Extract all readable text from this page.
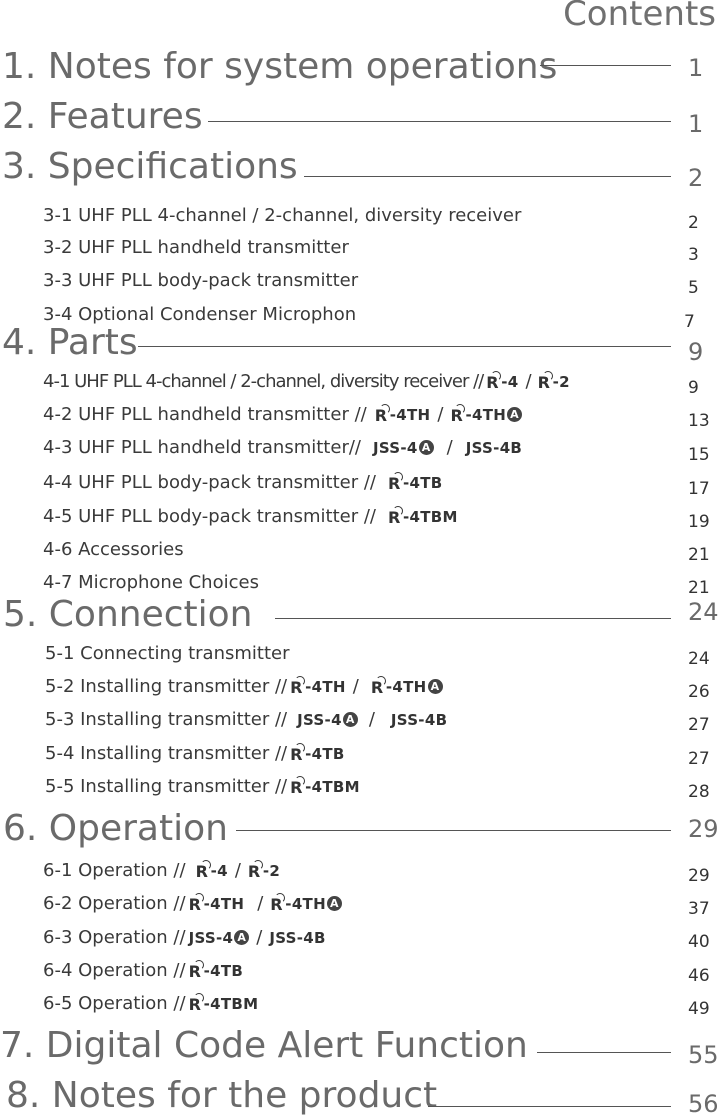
Contents
1. Notes for system operations	1
2. Features	1
3. Specifications	2
3-1 UHF PLL 4-channel / 2-channel, diversity receiver	2
3-2 UHF PLL handheld transmitter	3
3-3 UHF PLL body-pack transmitter	5
3-4 Optional Condenser Microphon	7
4. Parts	9
4-1 UHF PLL 4-channel / 2-channel, diversity receiver // R -4 / R -2	9
4-2 UHF PLL handheld transmitter // R -4TH / R -4TH A	13
4-3 UHF PLL handheld transmitter// JSS-4 A / JSS-4B	15
4-4 UHF PLL body-pack transmitter // R -4TB	17
4-5 UHF PLL body-pack transmitter // R -4TBM	19
4-6 Accessories	21
4-7 Microphone Choices	21
5. Connection	24
5-1 Connecting transmitter	24
5-2 Installing transmitter // R -4TH / R -4TH A	26
5-3 Installing transmitter // JSS-4 A / JSS-4B	27
5-4 Installing transmitter // R -4TB	27
5-5 Installing transmitter // R -4TBM	28
6. Operation	29
6-1 Operation // R -4 / R -2	29
6-2 Operation // R -4TH / R -4TH A	37
6-3 Operation // JSS-4 A / JSS-4B	40
6-4 Operation // R -4TB	46
6-5 Operation // R -4TBM	49
7. Digital Code Alert Function	55
8. Notes for the product	56
